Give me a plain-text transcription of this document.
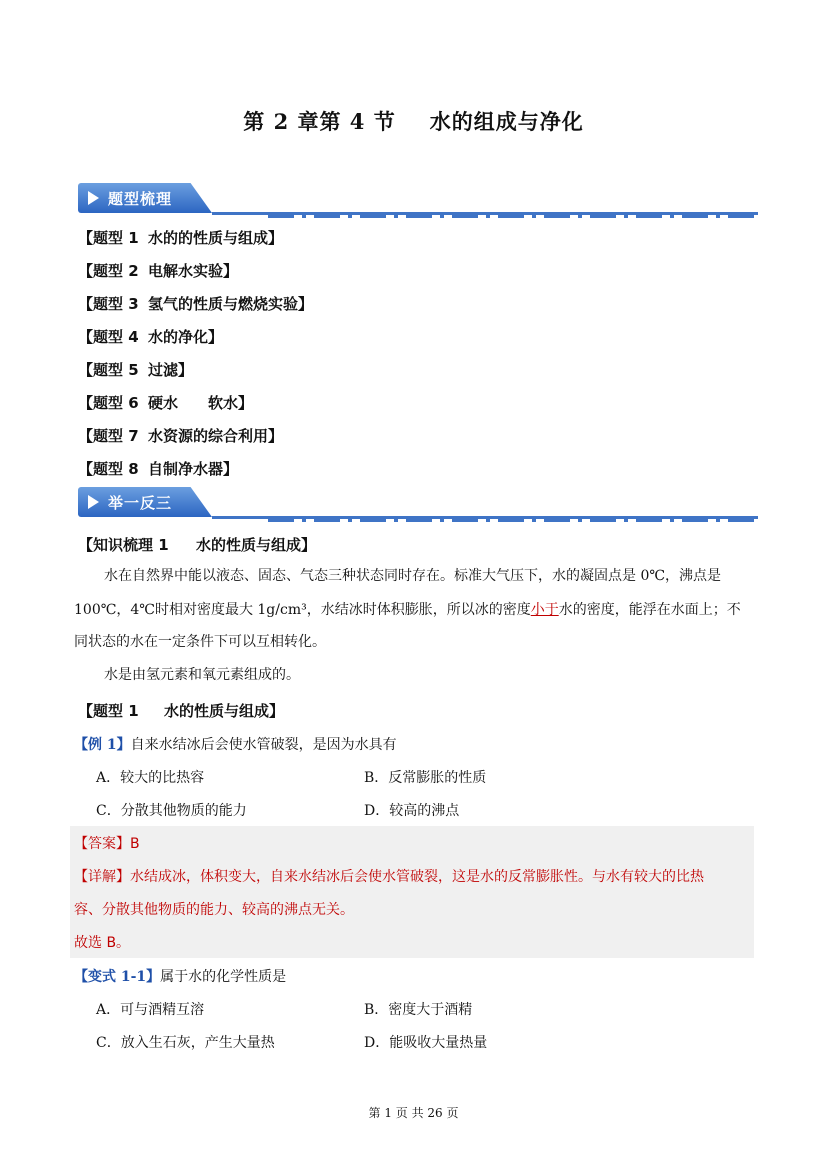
第 2 章第 4 节 水的组成与净化
题型梳理
【题型 1 水的的性质与组成】
【题型 2 电解水实验】
【题型 3 氢气的性质与燃烧实验】
【题型 4 水的净化】
【题型 5 过滤】
【题型 6 硬水　　软水】
【题型 7 水资源的综合利用】
【题型 8 自制净水器】
举一反三
【知识梳理 1 水的性质与组成】
水在自然界中能以液态、固态、气态三种状态同时存在。标准大气压下，水的凝固点是 0℃，沸点是
100℃，4℃时相对密度最大 1g/cm³，水结冰时体积膨胀，所以冰的密度小于水的密度，能浮在水面上；不
同状态的水在一定条件下可以互相转化。
水是由氢元素和氧元素组成的。
【题型 1 水的性质与组成】
【例 1】自来水结冰后会使水管破裂，是因为水具有
A．较大的比热容	B．反常膨胀的性质
C．分散其他物质的能力	D．较高的沸点
【答案】B
【详解】水结成冰，体积变大，自来水结冰后会使水管破裂，这是水的反常膨胀性。与水有较大的比热
容、分散其他物质的能力、较高的沸点无关。
故选 B。
【变式 1-1】属于水的化学性质是
A．可与酒精互溶	B．密度大于酒精
C．放入生石灰，产生大量热	D．能吸收大量热量
第 1 页 共 26 页
